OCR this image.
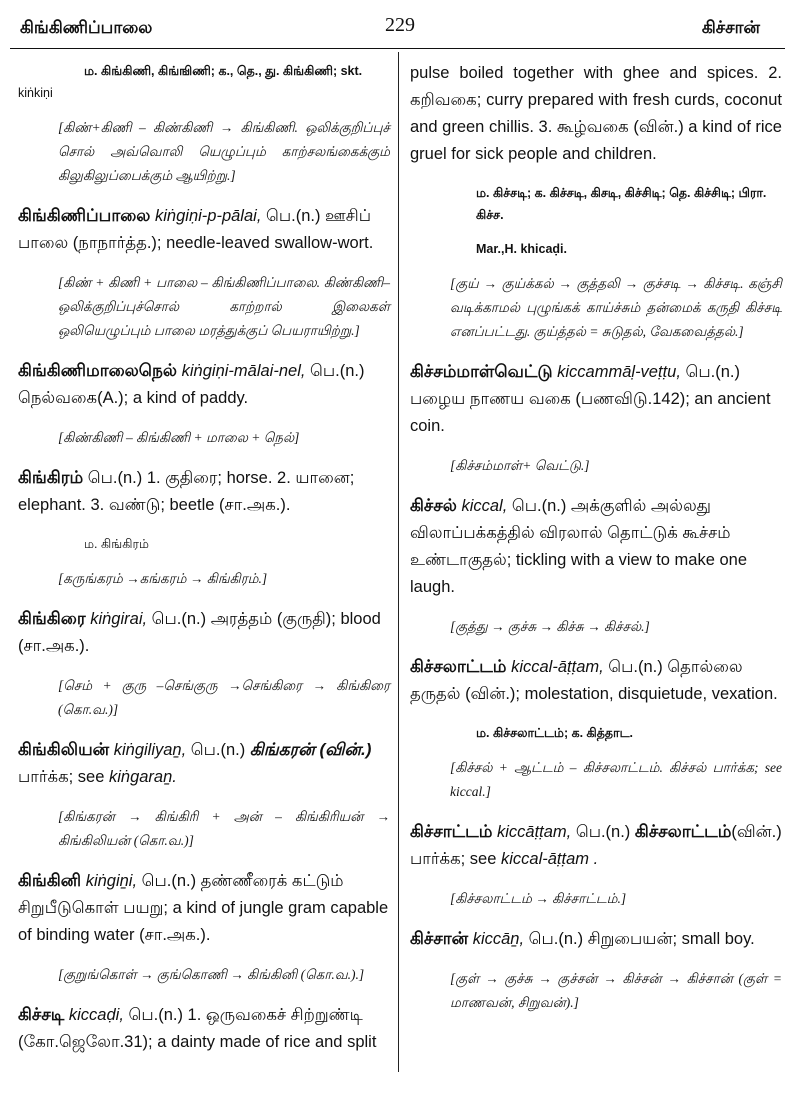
கிங்கிணிப்பாலை	229	கிச்சான்
ம. கிங்கிணி, கிங்ஙிணி; க., தெ., து. கிங்கிணி; skt.
kiṅkiṇi
[கிண்+கிணி – கிண்கிணி → கிங்கிணி. ஒலிக்குறிப்புச் சொல் அவ்வொலி யெழுப்பும் காற்சலங்கைக்கும் கிலுகிலுப்பைக்கும் ஆயிற்று.]
கிங்கிணிப்பாலை kiṅgiṇi-p-pālai, பெ.(n.) ஊசிப் பாலை (நாநார்த்த.); needle-leaved swallow-wort.
[கிண் + கிணி + பாலை – கிங்கிணிப்பாலை. கிண்கிணி– ஒலிக்குறிப்புச்சொல் காற்றால் இலைகள் ஒலியெழுப்பும் பாலை மரத்துக்குப் பெயராயிற்று.]
கிங்கிணிமாலைநெல் kiṅgiṇi-mālai-nel, பெ.(n.) நெல்வகை(A.); a kind of paddy.
[கிண்கிணி – கிங்கிணி + மாலை + நெல்]
கிங்கிரம் பெ.(n.) 1. குதிரை; horse. 2. யானை; elephant. 3. வண்டு; beetle (சா.அக.).
ம. கிங்கிரம்
[கருங்கரம் →கங்கரம் → கிங்கிரம்.]
கிங்கிரை kiṅgirai, பெ.(n.) அரத்தம் (குருதி); blood (சா.அக.).
[செம் + குரு –செங்குரு →செங்கிரை → கிங்கிரை (கொ.வ.)]
கிங்கிலியன் kiṅgiliyaṉ, பெ.(n.) கிங்கரன் (வின்.) பார்க்க; see kiṅgaraṉ.
[கிங்கரன் → கிங்கிரி + அன் – கிங்கிரியன் → கிங்கிலியன் (கொ.வ.)]
கிங்கினி kiṅgiṉi, பெ.(n.) தண்ணீரைக் கட்டும் சிறுபீடுகொள் பயறு; a kind of jungle gram capable of binding water (சா.அக.).
[குறுங்கொள் → குங்கொணி → கிங்கினி (கொ.வ.).]
கிச்சடி kiccaḍi, பெ.(n.) 1. ஒருவகைச் சிற்றுண்டி (கோ.ஜெலோ.31); a dainty made of rice and split
pulse boiled together with ghee and spices. 2. கறிவகை; curry prepared with fresh curds, coconut and green chillis. 3. கூழ்வகை (வின்.) a kind of rice gruel for sick people and children.
ம. கிச்சடி; க. கிச்சடி, கிசடி, கிச்சிடி; தெ. கிச்சிடி; பிரா. கிச்ச.
Mar.,H. khicaḍi.
[குய் → குய்க்கல் → குத்தலி → குச்சடி → கிச்சடி. கஞ்சி வடிக்காமல் புழுங்கக் காய்ச்சும் தன்மைக் கருதி கிச்சடி எனப்பட்டது. குய்த்தல் = சுடுதல், வேகவைத்தல்.]
கிச்சம்மாள்வெட்டு kiccammāḷ-veṭṭu, பெ.(n.) பழைய நாணய வகை (பணவிடு.142); an ancient coin.
[கிச்சம்மாள்+ வெட்டு.]
கிச்சல் kiccal, பெ.(n.) அக்குளில் அல்லது விலாப்பக்கத்தில் விரலால் தொட்டுக் கூச்சம் உண்டாகுதல்; tickling with a view to make one laugh.
[குத்து → குச்சு → கிச்சு → கிச்சல்.]
கிச்சலாட்டம் kiccal-āṭṭam, பெ.(n.) தொல்லை தருதல் (வின்.); molestation, disquietude, vexation.
ம. கிச்சலாட்டம்; க. கித்தாட.
[கிச்சல் + ஆட்டம் – கிச்சலாட்டம். கிச்சல் பார்க்க; see kiccal.]
கிச்சாட்டம் kiccāṭṭam, பெ.(n.) கிச்சலாட்டம்(வின்.) பார்க்க; see kiccal-āṭṭam .
[கிச்சலாட்டம் → கிச்சாட்டம்.]
கிச்சான் kiccāṉ, பெ.(n.) சிறுபையன்; small boy.
[குள் → குச்சு → குச்சன் → கிச்சன் → கிச்சான் (குள் = மாணவன், சிறுவன்).]
